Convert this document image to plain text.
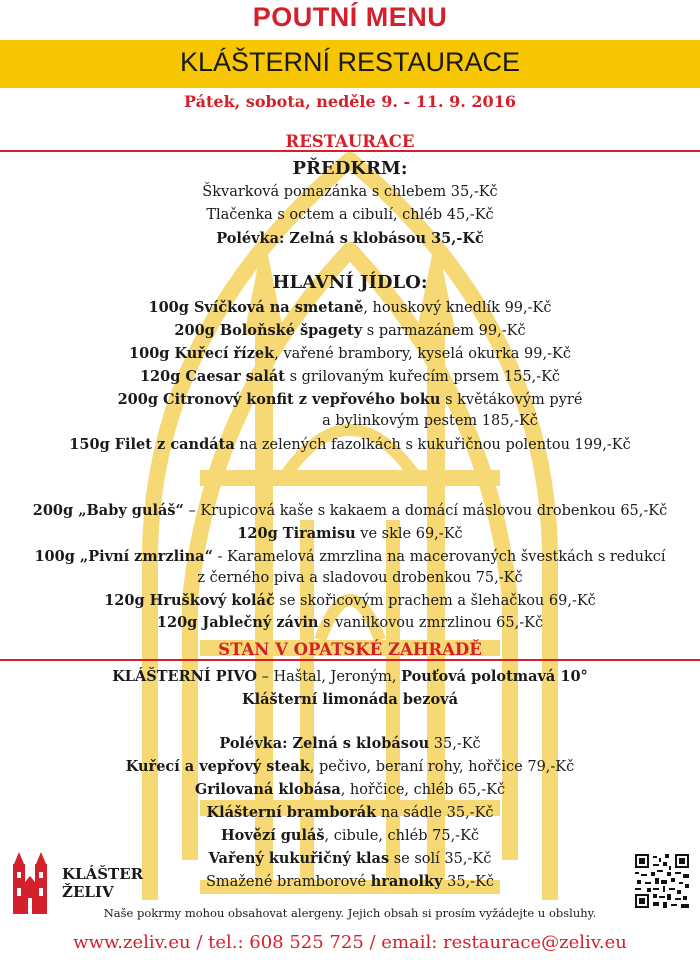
POUTNÍ MENU
KLÁŠTERNÍ RESTAURACE
Pátek, sobota, neděle 9. - 11. 9. 2016
RESTAURACE
PŘEDKRM:
Škvarková pomazánka s chlebem 35,-Kč
Tlačenka s octem a cibulí, chléb 45,-Kč
Polévka: Zelná s klobásou 35,-Kč
HLAVNÍ JÍDLO:
100g Svíčková na smetaně, houskový knedlík 99,-Kč
200g Boloňské špagety s parmazánem 99,-Kč
100g Kuřecí řízek, vařené brambory, kyselá okurka 99,-Kč
120g Caesar salát s grilovaným kuřecím prsem 155,-Kč
200g Citronový konfit z vepřového boku s květákovým pyré
a bylinkovým pestem 185,-Kč
150g Filet z candáta na zelených fazolkách s kukuřičnou polentou 199,-Kč
200g „Baby guláš“ – Krupicová kaše s kakaem a domácí máslovou drobenkou 65,-Kč
120g Tiramisu ve skle 69,-Kč
100g „Pivní zmrzlina“ - Karamelová zmrzlina na macerovaných švestkách s redukcí
z černého piva a sladovou drobenkou 75,-Kč
120g Hruškový koláč se skořicovým prachem a šlehačkou 69,-Kč
120g Jablečný závin s vanilkovou zmrzlinou 65,-Kč
STAN V OPATSKÉ ZAHRADĚ
KLÁŠTERNÍ PIVO – Haštal, Jeroným, Pouťová polotmavá 10°
Klášterní limonáda bezová
Polévka: Zelná s klobásou 35,-Kč
Kuřecí a vepřový steak, pečivo, beraní rohy, hořčice 79,-Kč
Grilovaná klobása, hořčice, chléb 65,-Kč
Klášterní bramborák na sádle 35,-Kč
Hovězí guláš, cibule, chléb 75,-Kč
Vařený kukuřičný klas se solí 35,-Kč
Smažené bramborové hranolky 35,-Kč
KLÁŠTER
ŽELIV
Naše pokrmy mohou obsahovat alergeny. Jejich obsah si prosím vyžádejte u obsluhy.
www.zeliv.eu / tel.: 608 525 725 / email: restaurace@zeliv.eu
